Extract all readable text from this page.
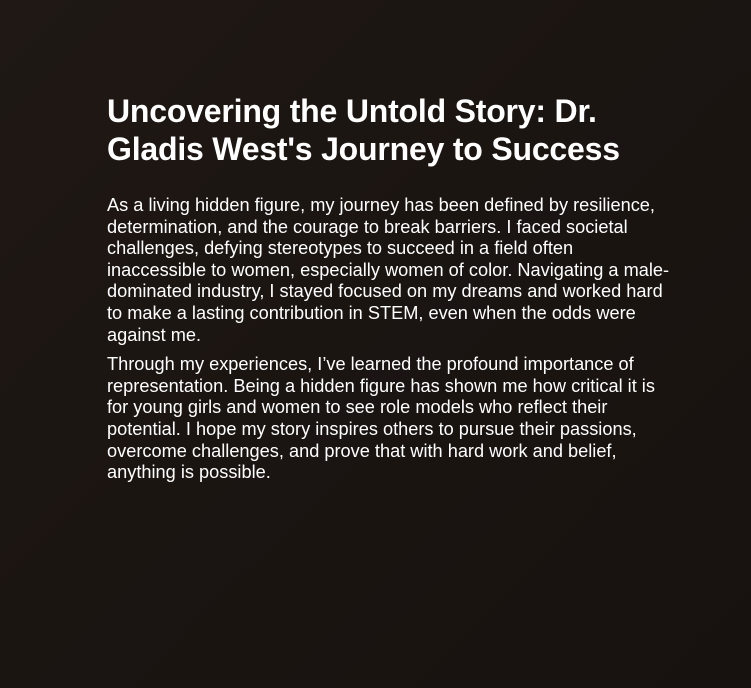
Uncovering the Untold Story: Dr. Gladis West's Journey to Success

As a living hidden figure, my journey has been defined by resilience, determination, and the courage to break barriers. I faced societal challenges, defying stereotypes to succeed in a field often inaccessible to women, especially women of color. Navigating a male-dominated industry, I stayed focused on my dreams and worked hard to make a lasting contribution in STEM, even when the odds were against me.

Through my experiences, I’ve learned the profound importance of representation. Being a hidden figure has shown me how critical it is for young girls and women to see role models who reflect their potential. I hope my story inspires others to pursue their passions, overcome challenges, and prove that with hard work and belief, anything is possible.
